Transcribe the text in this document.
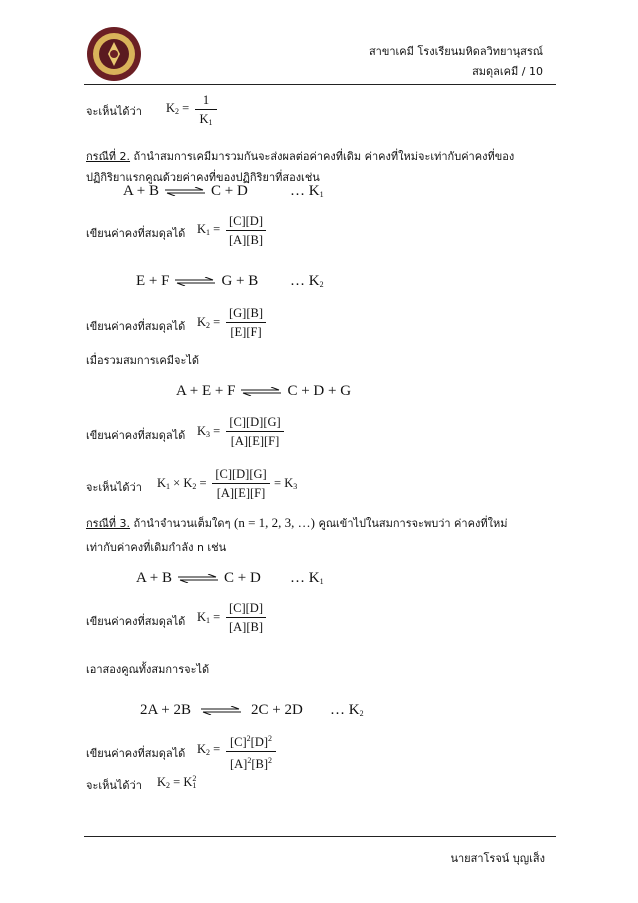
สาขาเคมี โรงเรียนมหิดลวิทยานุสรณ์
สมดุลเคมี / 10
จะเห็นได้ว่า $K_2$ =
1
$K_1$
กรณีที่ 2. ถ้านำสมการเคมีมารวมกันจะส่งผลต่อค่าคงที่เดิม ค่าคงที่ใหม่จะเท่ากับค่าคงที่ของ
ปฏิกิริยาแรกคูณด้วยค่าคงที่ของปฏิกิริยาที่สองเช่น
A + B ⇌ C + D	… $K_1$
เขียนค่าคงที่สมดุลได้ $K_1$ =
[C][D]
[A][B]
E + F ⇌ G + B … $K_2$
เขียนค่าคงที่สมดุลได้ $K_2$ =
[G][B]
[E][F]
เมื่อรวมสมการเคมีจะได้
A + E + F ⇌ C + D + G
เขียนค่าคงที่สมดุลได้ $K_3$ =
[C][D][G]
[A][E][F]
จะเห็นได้ว่า $K_1 \times K_2$ =
[C][D][G]
[A][E][F]
= $K_3$
กรณีที่ 3. ถ้านำจำนวนเต็มใดๆ (n = 1, 2, 3, …) คูณเข้าไปในสมการจะพบว่า ค่าคงที่ใหม่
เท่ากับค่าคงที่เดิมกำลัง n เช่น
A + B ⇌ C + D … $K_1$
เขียนค่าคงที่สมดุลได้ $K_1$ =
[C][D]
[A][B]
เอาสองคูณทั้งสมการจะได้
2A + 2B ⇌ 2C + 2D … $K_2$
เขียนค่าคงที่สมดุลได้ $K_2 = [C]^2[D]^2$
$[A]^2[B]^2$
จะเห็นได้ว่า $K_2 = K_1^2$
นายสาโรจน์ บุญเส็ง
